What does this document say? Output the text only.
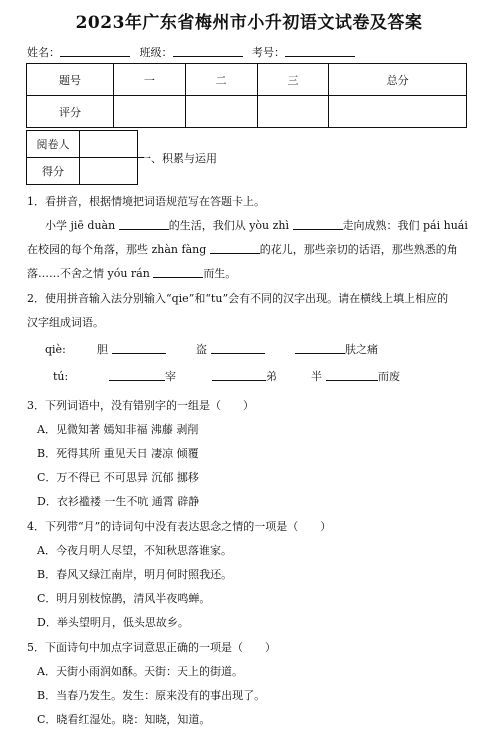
2023年广东省梅州市小升初语文试卷及答案
姓名：	班级：	考号：
题号	一	二	三	总分
评分				
阅卷人	
得分	
一、积累与运用
1．看拼音，根据情境把词语规范写在答题卡上。
小学 jiē duàn	的生活，我们从 yòu zhì	走向成熟：我们 pái huái
在校园的每个角落，那些 zhàn fàng	的花儿，那些亲切的话语，那些熟悉的角
落……不舍之情 yóu rán	而生。
2．使用拼音输入法分别输入“qie”和“tu”会有不同的汉字出现。请在横线上填上相应的
汉字组成词语。
qiè:	胆	盗	肤之痛
tú:	宰	弟	半	而废
3．下列词语中，没有错别字的一组是（　　）
A．见微知著 嫣知非福 沸藤 剥削
B．死得其所 重见天日 凄凉 倾覆
C．万不得已 不可思异 沉郁 挪移
D．衣衫褴褛 一生不吭 通霄 辟静
4．下列带“月”的诗词句中没有表达思念之情的一项是（　　）
A．今夜月明人尽望，不知秋思落谁家。
B．春风又绿江南岸，明月何时照我还。
C．明月别枝惊鹊，清风半夜鸣蝉。
D．举头望明月，低头思故乡。
5．下面诗句中加点字词意思正确的一项是（　　）
A．天街小雨润如酥。天街：天上的街道。
B．当春乃发生。发生：原来没有的事出现了。
C．晓看红湿处。晓：知晓，知道。
